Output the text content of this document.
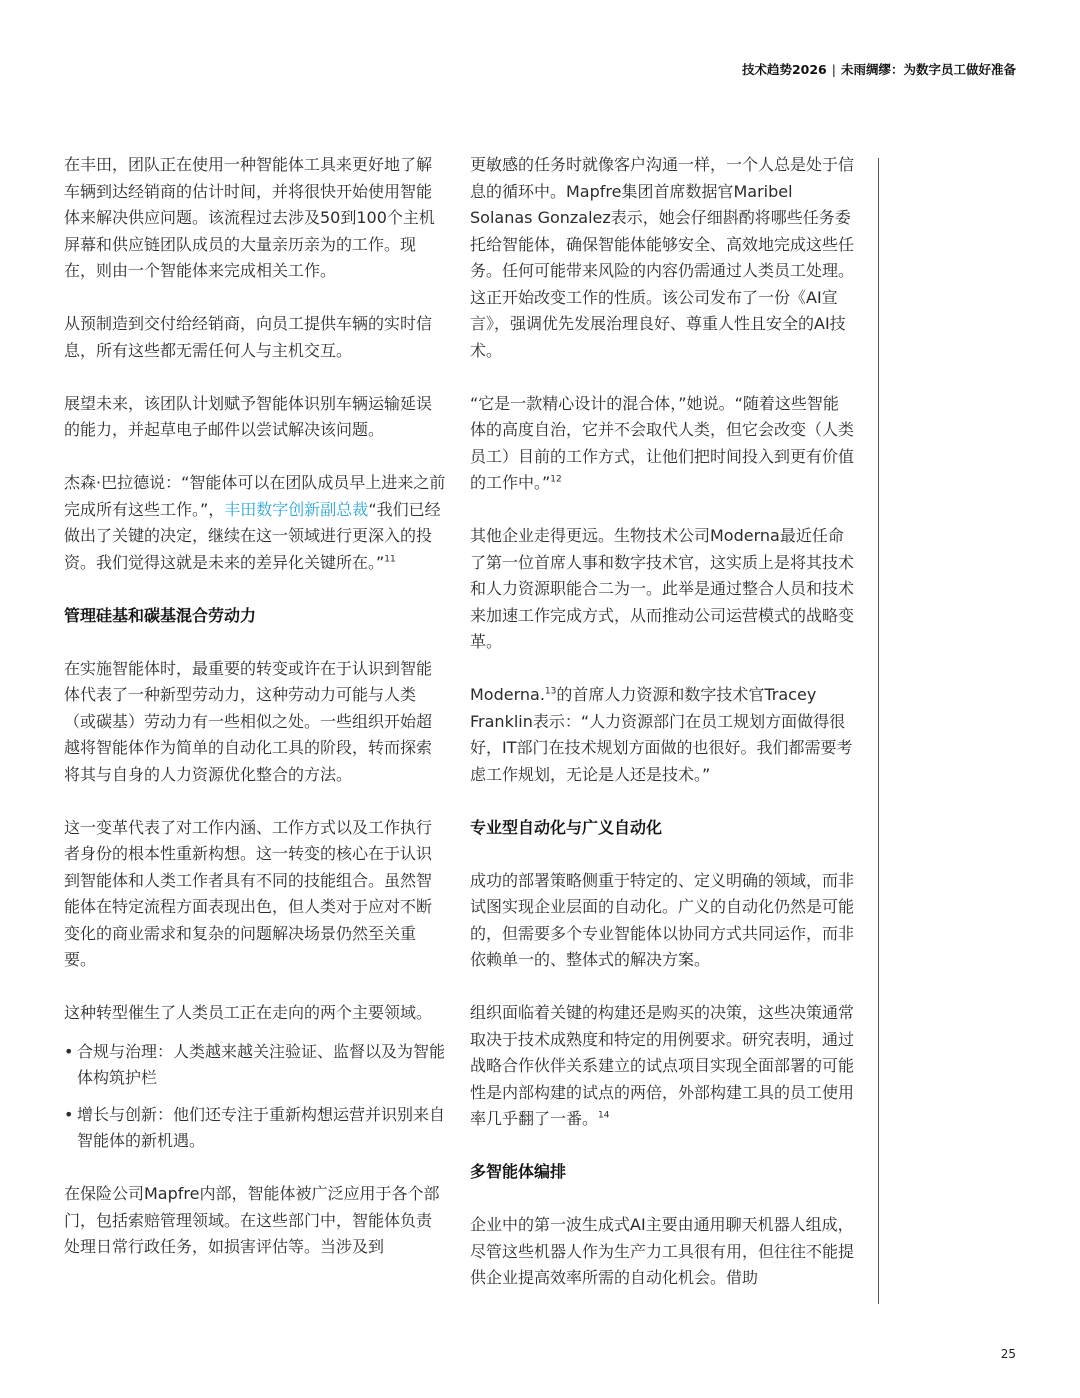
技术趋势2026 | 未雨绸缪：为数字员工做好准备

在丰田，团队正在使用一种智能体工具来更好地了解车辆到达经销商的估计时间，并将很快开始使用智能体来解决供应问题。该流程过去涉及50到100个主机屏幕和供应链团队成员的大量亲历亲为的工作。现在，则由一个智能体来完成相关工作。

从预制造到交付给经销商，向员工提供车辆的实时信息，所有这些都无需任何人与主机交互。

展望未来，该团队计划赋予智能体识别车辆运输延误的能力，并起草电子邮件以尝试解决该问题。

杰森·巴拉德说：“智能体可以在团队成员早上进来之前完成所有这些工作。”，丰田数字创新副总裁“我们已经做出了关键的决定，继续在这一领域进行更深入的投资。我们觉得这就是未来的差异化关键所在。”$^{11}$

管理硅基和碳基混合劳动力

在实施智能体时，最重要的转变或许在于认识到智能体代表了一种新型劳动力，这种劳动力可能与人类（或碳基）劳动力有一些相似之处。一些组织开始超越将智能体作为简单的自动化工具的阶段，转而探索将其与自身的人力资源优化整合的方法。

这一变革代表了对工作内涵、工作方式以及工作执行者身份的根本性重新构想。这一转变的核心在于认识到智能体和人类工作者具有不同的技能组合。虽然智能体在特定流程方面表现出色，但人类对于应对不断变化的商业需求和复杂的问题解决场景仍然至关重要。

这种转型催生了人类员工正在走向的两个主要领域。

• 合规与治理：人类越来越关注验证、监督以及为智能体构筑护栏
• 增长与创新：他们还专注于重新构想运营并识别来自智能体的新机遇。

在保险公司Mapfre内部，智能体被广泛应用于各个部门，包括索赔管理领域。在这些部门中，智能体负责处理日常行政任务，如损害评估等。当涉及到

更敏感的任务时就像客户沟通一样，一个人总是处于信息的循环中。Mapfre集团首席数据官Maribel Solanas Gonzalez表示，她会仔细斟酌将哪些任务委托给智能体，确保智能体能够安全、高效地完成这些任务。任何可能带来风险的内容仍需通过人类员工处理。这正开始改变工作的性质。该公司发布了一份《AI宣言》，强调优先发展治理良好、尊重人性且安全的AI技术。

“它是一款精心设计的混合体，”她说。“随着这些智能体的高度自治，它并不会取代人类，但它会改变（人类员工）目前的工作方式，让他们把时间投入到更有价值的工作中。”$^{12}$

其他企业走得更远。生物技术公司Moderna最近任命了第一位首席人事和数字技术官，这实质上是将其技术和人力资源职能合二为一。此举是通过整合人员和技术来加速工作完成方式，从而推动公司运营模式的战略变革。

Moderna.$^{13}$的首席人力资源和数字技术官Tracey Franklin表示：“人力资源部门在员工规划方面做得很好，IT部门在技术规划方面做的也很好。我们都需要考虑工作规划，无论是人还是技术。”

专业型自动化与广义自动化

成功的部署策略侧重于特定的、定义明确的领域，而非试图实现企业层面的自动化。广义的自动化仍然是可能的，但需要多个专业智能体以协同方式共同运作，而非依赖单一的、整体式的解决方案。

组织面临着关键的构建还是购买的决策，这些决策通常取决于技术成熟度和特定的用例要求。研究表明，通过战略合作伙伴关系建立的试点项目实现全面部署的可能性是内部构建的试点的两倍，外部构建工具的员工使用率几乎翻了一番。$^{14}$

多智能体编排

企业中的第一波生成式AI主要由通用聊天机器人组成，尽管这些机器人作为生产力工具很有用，但往往不能提供企业提高效率所需的自动化机会。借助

25
